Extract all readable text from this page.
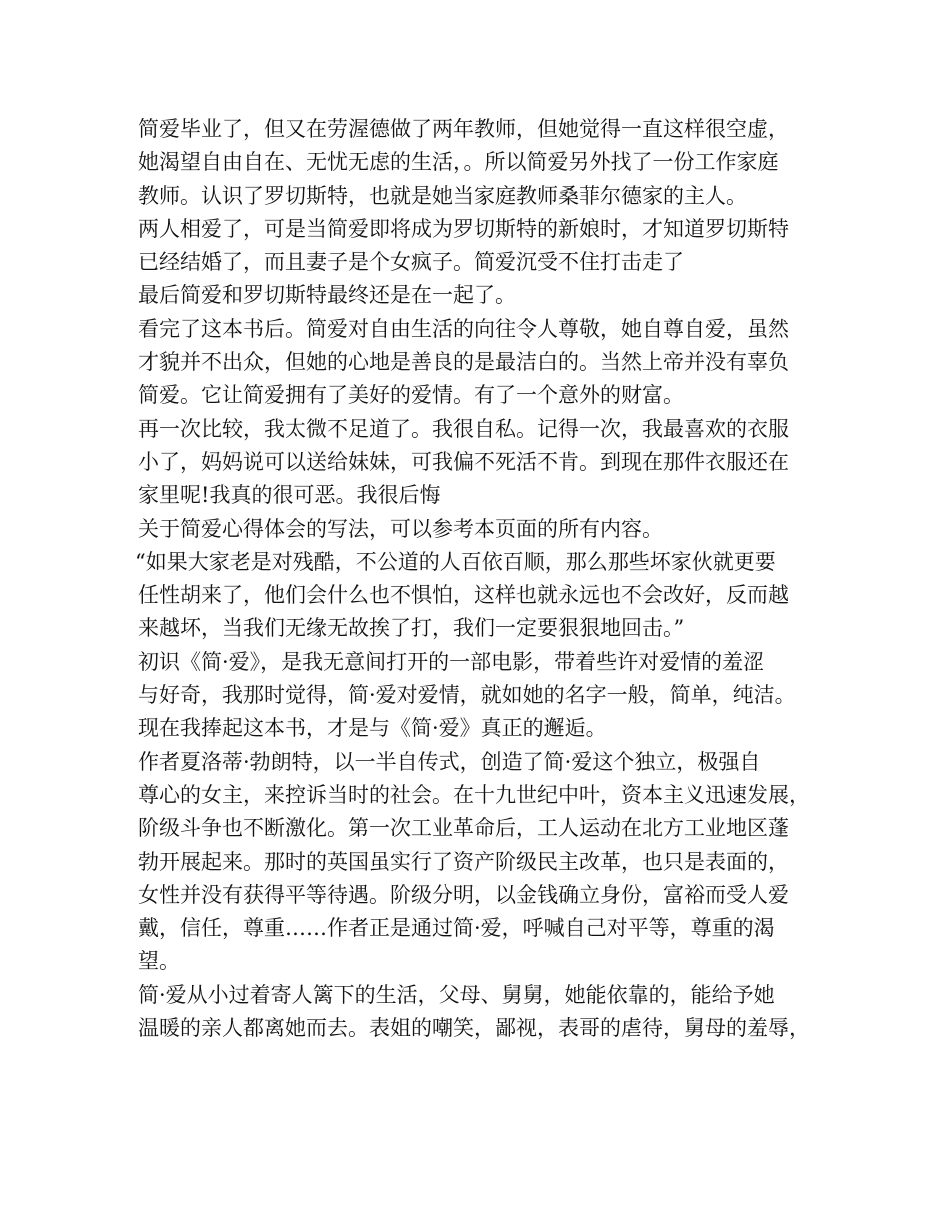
简爱毕业了，但又在劳渥德做了两年教师，但她觉得一直这样很空虚，
她渴望自由自在、无忧无虑的生活，。所以简爱另外找了一份工作家庭
教师。认识了罗切斯特，也就是她当家庭教师桑菲尔德家的主人。
两人相爱了，可是当简爱即将成为罗切斯特的新娘时，才知道罗切斯特
已经结婚了，而且妻子是个女疯子。简爱沉受不住打击走了
最后简爱和罗切斯特最终还是在一起了。
看完了这本书后。简爱对自由生活的向往令人尊敬，她自尊自爱，虽然
才貌并不出众，但她的心地是善良的是最洁白的。当然上帝并没有辜负
简爱。它让简爱拥有了美好的爱情。有了一个意外的财富。
再一次比较，我太微不足道了。我很自私。记得一次，我最喜欢的衣服
小了，妈妈说可以送给妹妹，可我偏不死活不肯。到现在那件衣服还在
家里呢!我真的很可恶。我很后悔
关于简爱心得体会的写法，可以参考本页面的所有内容。
“如果大家老是对残酷，不公道的人百依百顺，那么那些坏家伙就更要
任性胡来了，他们会什么也不惧怕，这样也就永远也不会改好，反而越
来越坏，当我们无缘无故挨了打，我们一定要狠狠地回击。”
初识《简·爱》，是我无意间打开的一部电影，带着些许对爱情的羞涩
与好奇，我那时觉得，简·爱对爱情，就如她的名字一般，简单，纯洁。
现在我捧起这本书，才是与《简·爱》真正的邂逅。
作者夏洛蒂·勃朗特，以一半自传式，创造了简·爱这个独立，极强自
尊心的女主，来控诉当时的社会。在十九世纪中叶，资本主义迅速发展，
阶级斗争也不断激化。第一次工业革命后，工人运动在北方工业地区蓬
勃开展起来。那时的英国虽实行了资产阶级民主改革，也只是表面的，
女性并没有获得平等待遇。阶级分明，以金钱确立身份，富裕而受人爱
戴，信任，尊重……作者正是通过简·爱，呼喊自己对平等，尊重的渴
望。
简·爱从小过着寄人篱下的生活，父母、舅舅，她能依靠的，能给予她
温暖的亲人都离她而去。表姐的嘲笑，鄙视，表哥的虐待，舅母的羞辱，
